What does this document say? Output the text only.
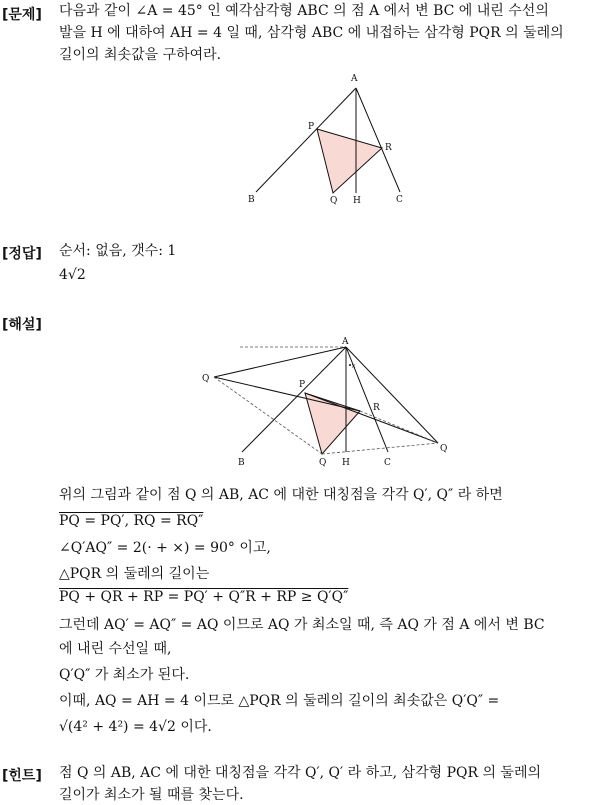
[문제] 다음과 같이 ∠A = 45° 인 예각삼각형 ABC 의 점 A 에서 변 BC 에 내린 수선의
발을 H 에 대하여 AH = 4 일 때, 삼각형 ABC 에 내접하는 삼각형 PQR 의 둘레의
길이의 최솟값을 구하여라.
A
B	C
H
P
Q
R
[정답] 순서: 없음, 갯수: 1
4√2
[해설]
×
A
B	C
H
P
Q
R
Q
Q
위의 그림과 같이 점 Q 의 AB, AC 에 대한 대칭점을 각각 Q′, Q″ 라 하면
PQ = PQ′, RQ = RQ″
∠Q′AQ″ = 2(· + ×) = 90° 이고,
△PQR 의 둘레의 길이는
PQ + QR + RP = PQ′ + Q″R + RP ≥ Q′Q″
그런데 AQ′ = AQ″ = AQ 이므로 AQ 가 최소일 때, 즉 AQ 가 점 A 에서 변 BC
에 내린 수선일 때,
Q′Q″ 가 최소가 된다.
이때, AQ = AH = 4 이므로 △PQR 의 둘레의 길이의 최솟값은 Q′Q″ =
√(4² + 4²) = 4√2 이다.
[힌트] 점 Q 의 AB, AC 에 대한 대칭점을 각각 Q′, Q′ 라 하고, 삼각형 PQR 의 둘레의
길이가 최소가 될 때를 찾는다.
